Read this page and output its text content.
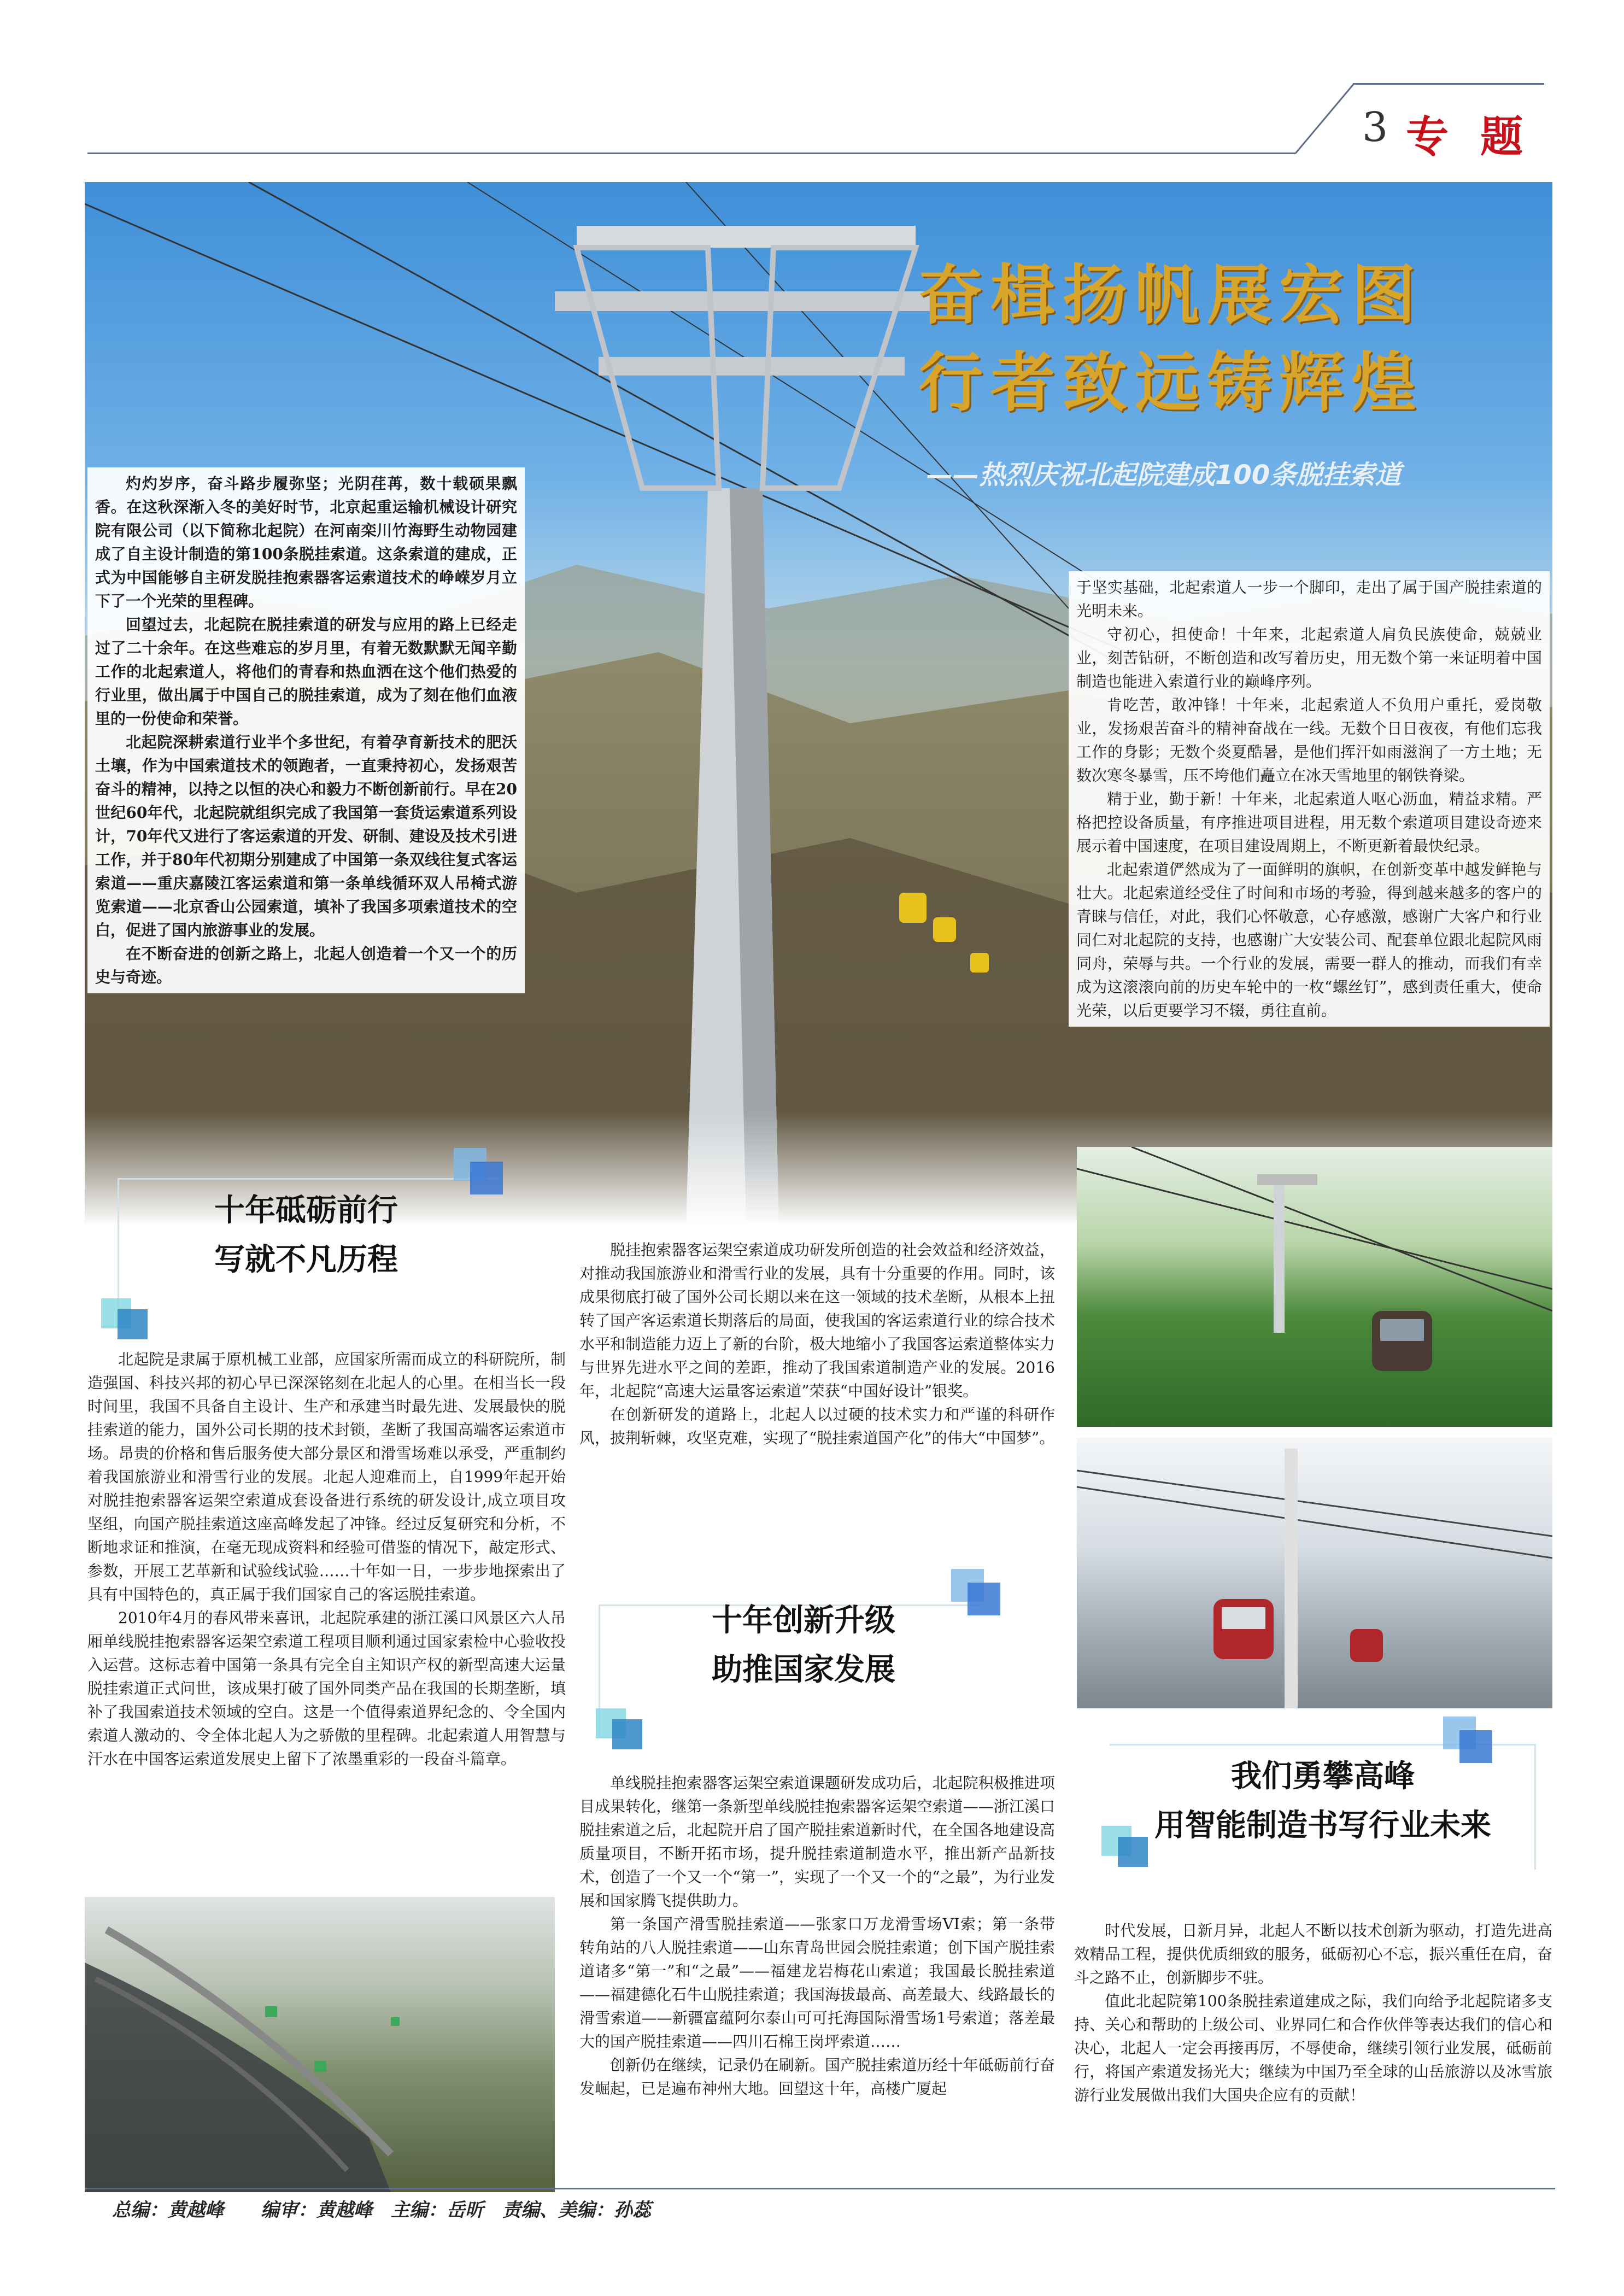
3 专题
奋楫扬帆展宏图
行者致远铸辉煌
——热烈庆祝北起院建成100条脱挂索道

灼灼岁序，奋斗路步履弥坚；光阴荏苒，数十载硕果飘香。在这秋深渐入冬的美好时节，北京起重运输机械设计研究院有限公司（以下简称北起院）在河南栾川竹海野生动物园建成了自主设计制造的第100条脱挂索道。这条索道的建成，正式为中国能够自主研发脱挂抱索器客运索道技术的峥嵘岁月立下了一个光荣的里程碑。

回望过去，北起院在脱挂索道的研发与应用的路上已经走过了二十余年。在这些难忘的岁月里，有着无数默默无闻辛勤工作的北起索道人，将他们的青春和热血洒在这个他们热爱的行业里，做出属于中国自己的脱挂索道，成为了刻在他们血液里的一份使命和荣誉。

北起院深耕索道行业半个多世纪，有着孕育新技术的肥沃土壤，作为中国索道技术的领跑者，一直秉持初心，发扬艰苦奋斗的精神，以持之以恒的决心和毅力不断创新前行。早在20世纪60年代，北起院就组织完成了我国第一套货运索道系列设计，70年代又进行了客运索道的开发、研制、建设及技术引进工作，并于80年代初期分别建成了中国第一条双线往复式客运索道——重庆嘉陵江客运索道和第一条单线循环双人吊椅式游览索道——北京香山公园索道，填补了我国多项索道技术的空白，促进了国内旅游事业的发展。

在不断奋进的创新之路上，北起人创造着一个又一个的历史与奇迹。

于坚实基础，北起索道人一步一个脚印，走出了属于国产脱挂索道的光明未来。

守初心，担使命！十年来，北起索道人肩负民族使命，兢兢业业，刻苦钻研，不断创造和改写着历史，用无数个第一来证明着中国制造也能进入索道行业的巅峰序列。

肯吃苦，敢冲锋！十年来，北起索道人不负用户重托，爱岗敬业，发扬艰苦奋斗的精神奋战在一线。无数个日日夜夜，有他们忘我工作的身影；无数个炎夏酷暑，是他们挥汗如雨滋润了一方土地；无数次寒冬暴雪，压不垮他们矗立在冰天雪地里的钢铁脊梁。

精于业，勤于新！十年来，北起索道人呕心沥血，精益求精。严格把控设备质量，有序推进项目进程，用无数个索道项目建设奇迹来展示着中国速度，在项目建设周期上，不断更新着最快纪录。

北起索道俨然成为了一面鲜明的旗帜，在创新变革中越发鲜艳与壮大。北起索道经受住了时间和市场的考验，得到越来越多的客户的青睐与信任，对此，我们心怀敬意，心存感激，感谢广大客户和行业同仁对北起院的支持，也感谢广大安装公司、配套单位跟北起院风雨同舟，荣辱与共。一个行业的发展，需要一群人的推动，而我们有幸成为这滚滚向前的历史车轮中的一枚“螺丝钉”，感到责任重大，使命光荣，以后更要学习不辍，勇往直前。

十年砥砺前行
写就不凡历程

北起院是隶属于原机械工业部，应国家所需而成立的科研院所，制造强国、科技兴邦的初心早已深深铭刻在北起人的心里。在相当长一段时间里，我国不具备自主设计、生产和承建当时最先进、发展最快的脱挂索道的能力，国外公司长期的技术封锁，垄断了我国高端客运索道市场。昂贵的价格和售后服务使大部分景区和滑雪场难以承受，严重制约着我国旅游业和滑雪行业的发展。北起人迎难而上，自1999年起开始对脱挂抱索器客运架空索道成套设备进行系统的研发设计,成立项目攻坚组，向国产脱挂索道这座高峰发起了冲锋。经过反复研究和分析，不断地求证和推演，在毫无现成资料和经验可借鉴的情况下，敲定形式、参数，开展工艺革新和试验线试验……十年如一日，一步步地探索出了具有中国特色的，真正属于我们国家自己的客运脱挂索道。

2010年4月的春风带来喜讯，北起院承建的浙江溪口风景区六人吊厢单线脱挂抱索器客运架空索道工程项目顺利通过国家索检中心验收投入运营。这标志着中国第一条具有完全自主知识产权的新型高速大运量脱挂索道正式问世，该成果打破了国外同类产品在我国的长期垄断，填补了我国索道技术领域的空白。这是一个值得索道界纪念的、令全国内索道人激动的、令全体北起人为之骄傲的里程碑。北起索道人用智慧与汗水在中国客运索道发展史上留下了浓墨重彩的一段奋斗篇章。

脱挂抱索器客运架空索道成功研发所创造的社会效益和经济效益，对推动我国旅游业和滑雪行业的发展，具有十分重要的作用。同时，该成果彻底打破了国外公司长期以来在这一领域的技术垄断，从根本上扭转了国产客运索道长期落后的局面，使我国的客运索道行业的综合技术水平和制造能力迈上了新的台阶，极大地缩小了我国客运索道整体实力与世界先进水平之间的差距，推动了我国索道制造产业的发展。2016年，北起院“高速大运量客运索道”荣获“中国好设计”银奖。

在创新研发的道路上，北起人以过硬的技术实力和严谨的科研作风，披荆斩棘，攻坚克难，实现了“脱挂索道国产化”的伟大“中国梦”。

十年创新升级
助推国家发展

单线脱挂抱索器客运架空索道课题研发成功后，北起院积极推进项目成果转化，继第一条新型单线脱挂抱索器客运架空索道——浙江溪口脱挂索道之后，北起院开启了国产脱挂索道新时代，在全国各地建设高质量项目，不断开拓市场，提升脱挂索道制造水平，推出新产品新技术，创造了一个又一个“第一”，实现了一个又一个的“之最”，为行业发展和国家腾飞提供助力。

第一条国产滑雪脱挂索道——张家口万龙滑雪场VI索；第一条带转角站的八人脱挂索道——山东青岛世园会脱挂索道；创下国产脱挂索道诸多“第一”和“之最”——福建龙岩梅花山索道；我国最长脱挂索道——福建德化石牛山脱挂索道；我国海拔最高、高差最大、线路最长的滑雪索道——新疆富蕴阿尔泰山可可托海国际滑雪场1号索道；落差最大的国产脱挂索道——四川石棉王岗坪索道……

创新仍在继续，记录仍在刷新。国产脱挂索道历经十年砥砺前行奋发崛起，已是遍布神州大地。回望这十年，高楼广厦起

我们勇攀高峰
用智能制造书写行业未来

时代发展，日新月异，北起人不断以技术创新为驱动，打造先进高效精品工程，提供优质细致的服务，砥砺初心不忘，振兴重任在肩，奋斗之路不止，创新脚步不驻。

值此北起院第100条脱挂索道建成之际，我们向给予北起院诸多支持、关心和帮助的上级公司、业界同仁和合作伙伴等表达我们的信心和决心，北起人一定会再接再厉，不辱使命，继续引领行业发展，砥砺前行，将国产索道发扬光大；继续为中国乃至全球的山岳旅游以及冰雪旅游行业发展做出我们大国央企应有的贡献！

总编：黄越峰　　编审：黄越峰　主编：岳昕　责编、美编：孙蕊
